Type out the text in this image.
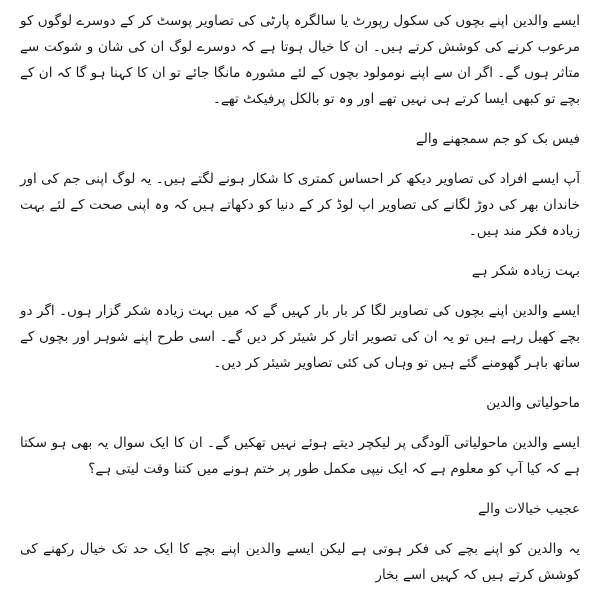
ایسے والدین اپنے بچوں کی سکول رپورٹ یا سالگرہ پارٹی کی تصاویر پوسٹ کر کے دوسرے لوگوں کو مرعوب کرنے کی کوشش کرتے ہیں۔ ان کا خیال ہوتا ہے کہ دوسرے لوگ ان کی شان و شوکت سے متاثر ہوں گے۔ اگر ان سے اپنے نومولود بچوں کے لئے مشورہ مانگا جائے تو ان کا کہنا ہو گا کہ ان کے بچے تو کبھی ایسا کرتے ہی نہیں تھے اور وہ تو بالکل پرفیکٹ تھے۔

فیس بک کو جم سمجھنے والے

آپ ایسے افراد کی تصاویر دیکھ کر احساس کمتری کا شکار ہونے لگتے ہیں۔ یہ لوگ اپنی جم کی اور خاندان بھر کی دوڑ لگانے کی تصاویر اپ لوڈ کر کے دنیا کو دکھاتے ہیں کہ وہ اپنی صحت کے لئے بہت زیادہ فکر مند ہیں۔

بہت زیادہ شکر ہے

ایسے والدین اپنے بچوں کی تصاویر لگا کر بار بار کہیں گے کہ میں بہت زیادہ شکر گزار ہوں۔ اگر دو بچے کھیل رہے ہیں تو یہ ان کی تصویر اتار کر شیئر کر دیں گے۔ اسی طرح اپنے شوہر اور بچوں کے ساتھ باہر گھومنے گئے ہیں تو وہاں کی کئی تصاویر شیئر کر دیں۔

ماحولیاتی والدین

ایسے والدین ماحولیاتی آلودگی پر لیکچر دیتے ہوئے نہیں تھکیں گے۔ ان کا ایک سوال یہ بھی ہو سکتا ہے کہ کیا آپ کو معلوم ہے کہ ایک نیپی مکمل طور پر ختم ہونے میں کتنا وقت لیتی ہے؟

عجیب خیالات والے

یہ والدین کو اپنے بچے کی فکر ہوتی ہے لیکن ایسے والدین اپنے بچے کا ایک حد تک خیال رکھنے کی کوشش کرتے ہیں کہ کہیں اسے بخار
